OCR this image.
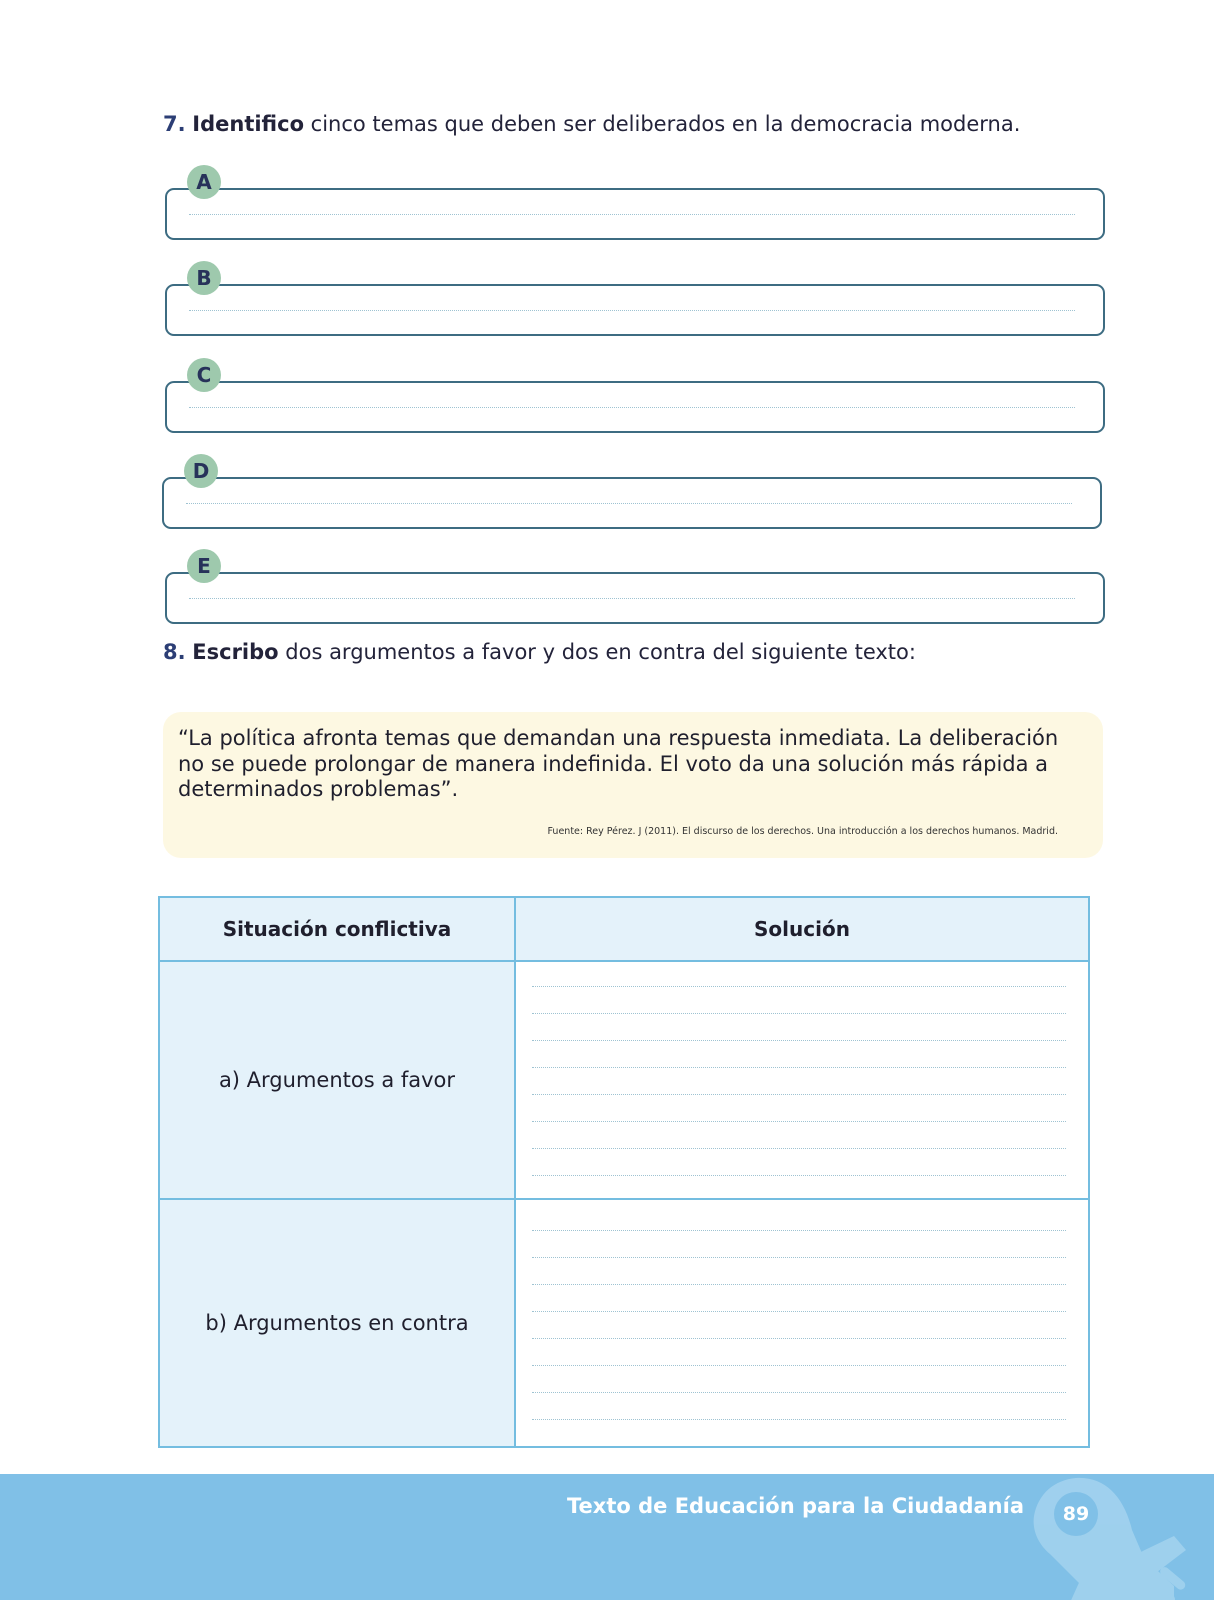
7. Identifico cinco temas que deben ser deliberados en la democracia moderna.
A
B
C
D
E
8. Escribo dos argumentos a favor y dos en contra del siguiente texto:
“La política afronta temas que demandan una respuesta inmediata. La deliberación no se puede prolongar de manera indefinida. El voto da una solución más rápida a determinados problemas”.
Fuente: Rey Pérez. J (2011). El discurso de los derechos. Una introducción a los derechos humanos. Madrid.
Situación conflictiva	Solución
a) Argumentos a favor
b) Argumentos en contra
Texto de Educación para la Ciudadanía	89
